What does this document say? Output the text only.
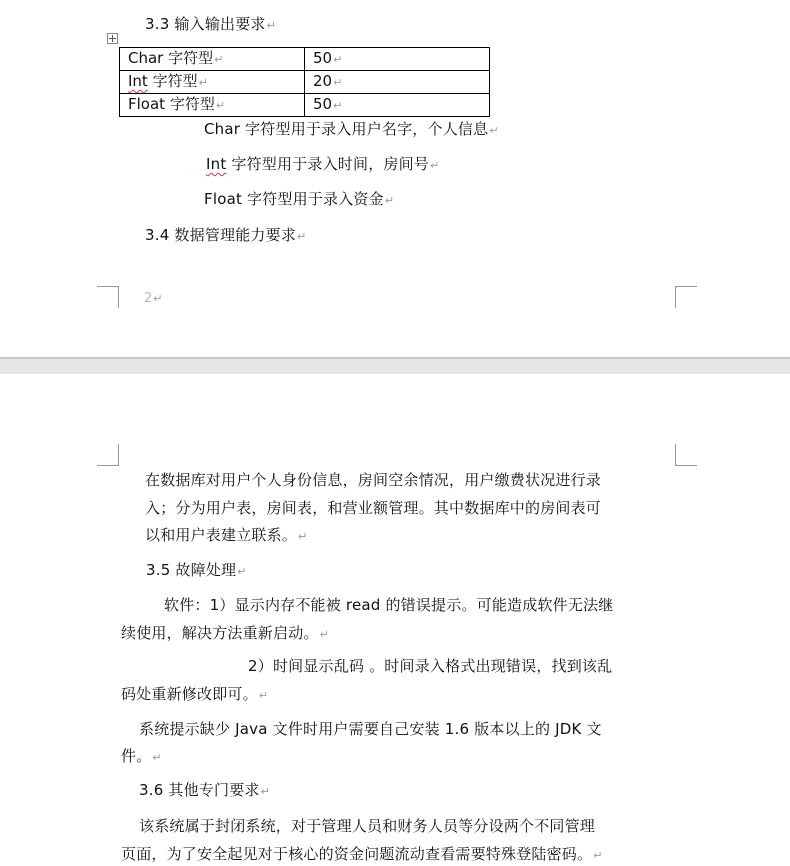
3.3 输入输出要求↵
Char 字符型↵	50↵
Int 字符型↵	20↵
Float 字符型↵	50↵
Char 字符型用于录入用户名字，个人信息↵
Int 字符型用于录入时间，房间号↵
Float 字符型用于录入资金↵
3.4 数据管理能力要求↵
2↵
在数据库对用户个人身份信息，房间空余情况，用户缴费状况进行录
入；分为用户表，房间表，和营业额管理。其中数据库中的房间表可
以和用户表建立联系。↵
3.5 故障处理↵
软件：1）显示内存不能被 read 的错误提示。可能造成软件无法继
续使用，解决方法重新启动。↵
2）时间显示乱码 。时间录入格式出现错误，找到该乱
码处重新修改即可。↵
系统提示缺少 Java 文件时用户需要自己安装 1.6 版本以上的 JDK 文
件。↵
3.6 其他专门要求↵
该系统属于封闭系统，对于管理人员和财务人员等分设两个不同管理
页面，为了安全起见对于核心的资金问题流动查看需要特殊登陆密码。↵
